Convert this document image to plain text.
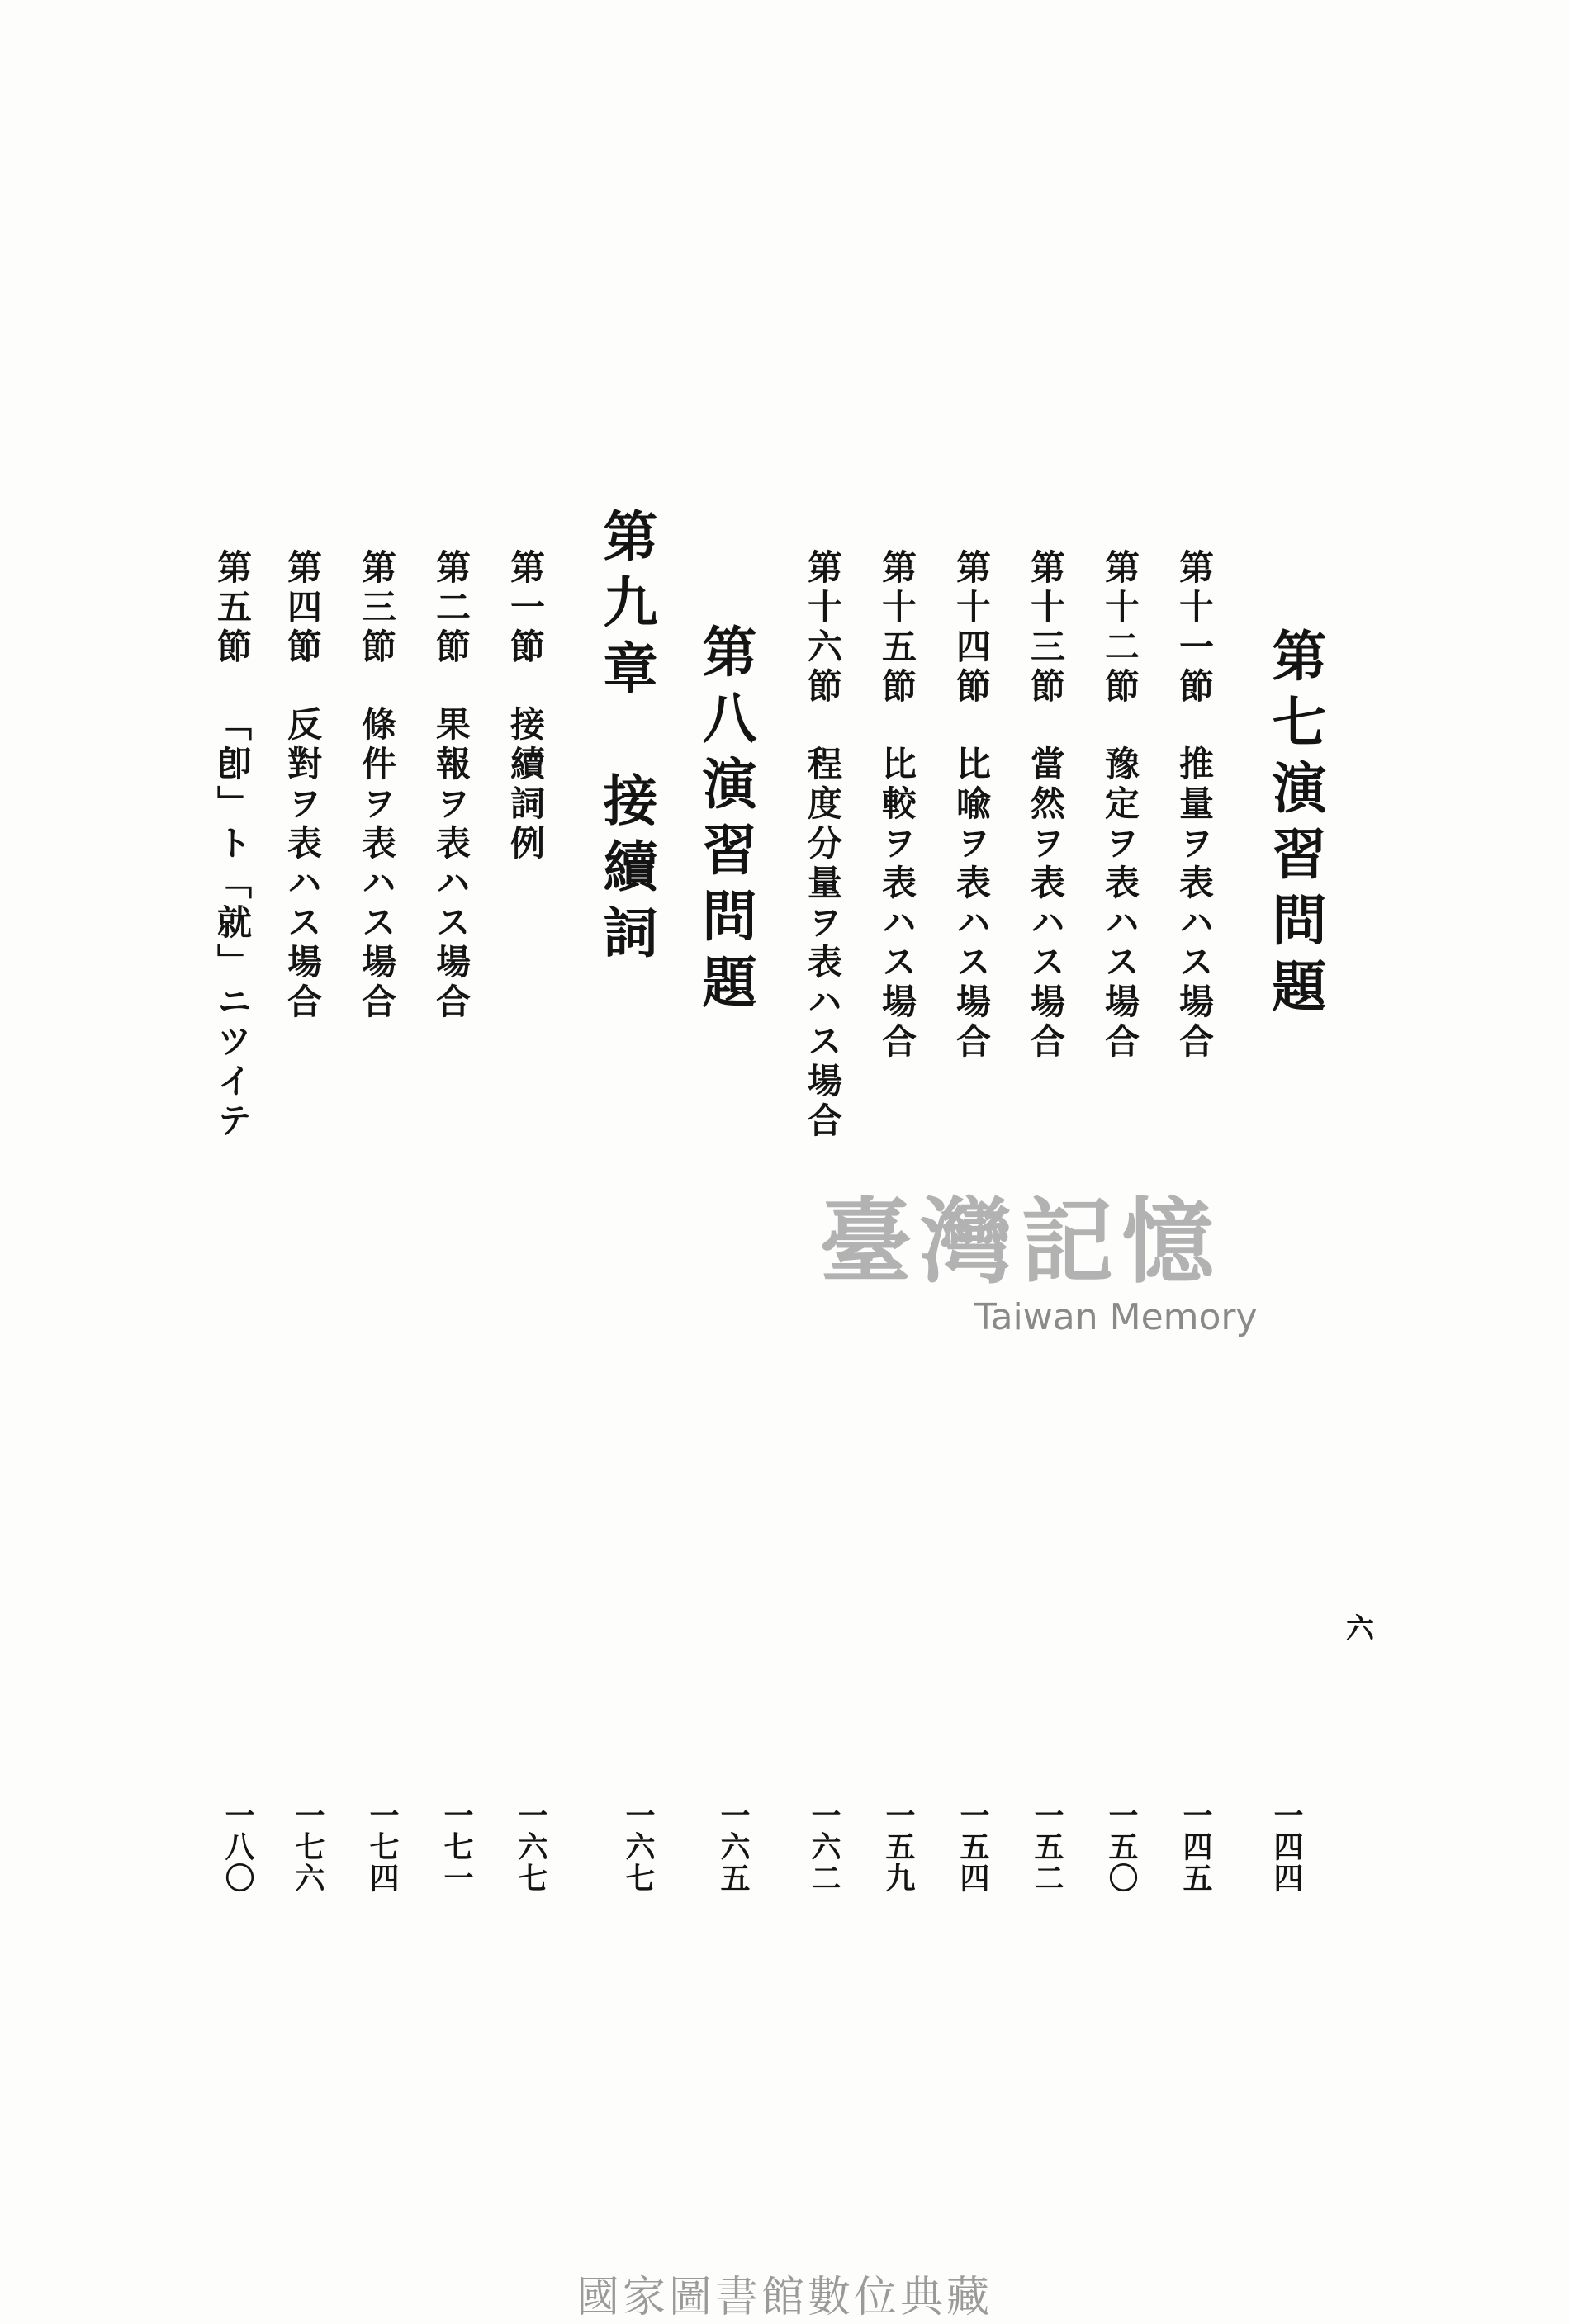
第七演習問題
第十一節推量ヲ表ハス場合
第十二節豫定ヲ表ハス場合
第十三節當然ヲ表ハス場合
第十四節比喩ヲ表ハス場合
第十五節比較ヲ表ハス場合
第十六節程度分量ヲ表ハス場合
第八演習問題
第九章　接續詞
第一節接續詞例
第二節果報ヲ表ハス場合
第三節條件ヲ表ハス場合
第四節反對ヲ表ハス場合
第五節「卽」ト「就」ニツイテ
一四四
一四五
一五〇
一五二
一五四
一五九
一六二
一六五
一六七
一六七
一七一
一七四
一七六
一八〇
六
臺灣記憶
Taiwan Memory
國家圖書館數位典藏
